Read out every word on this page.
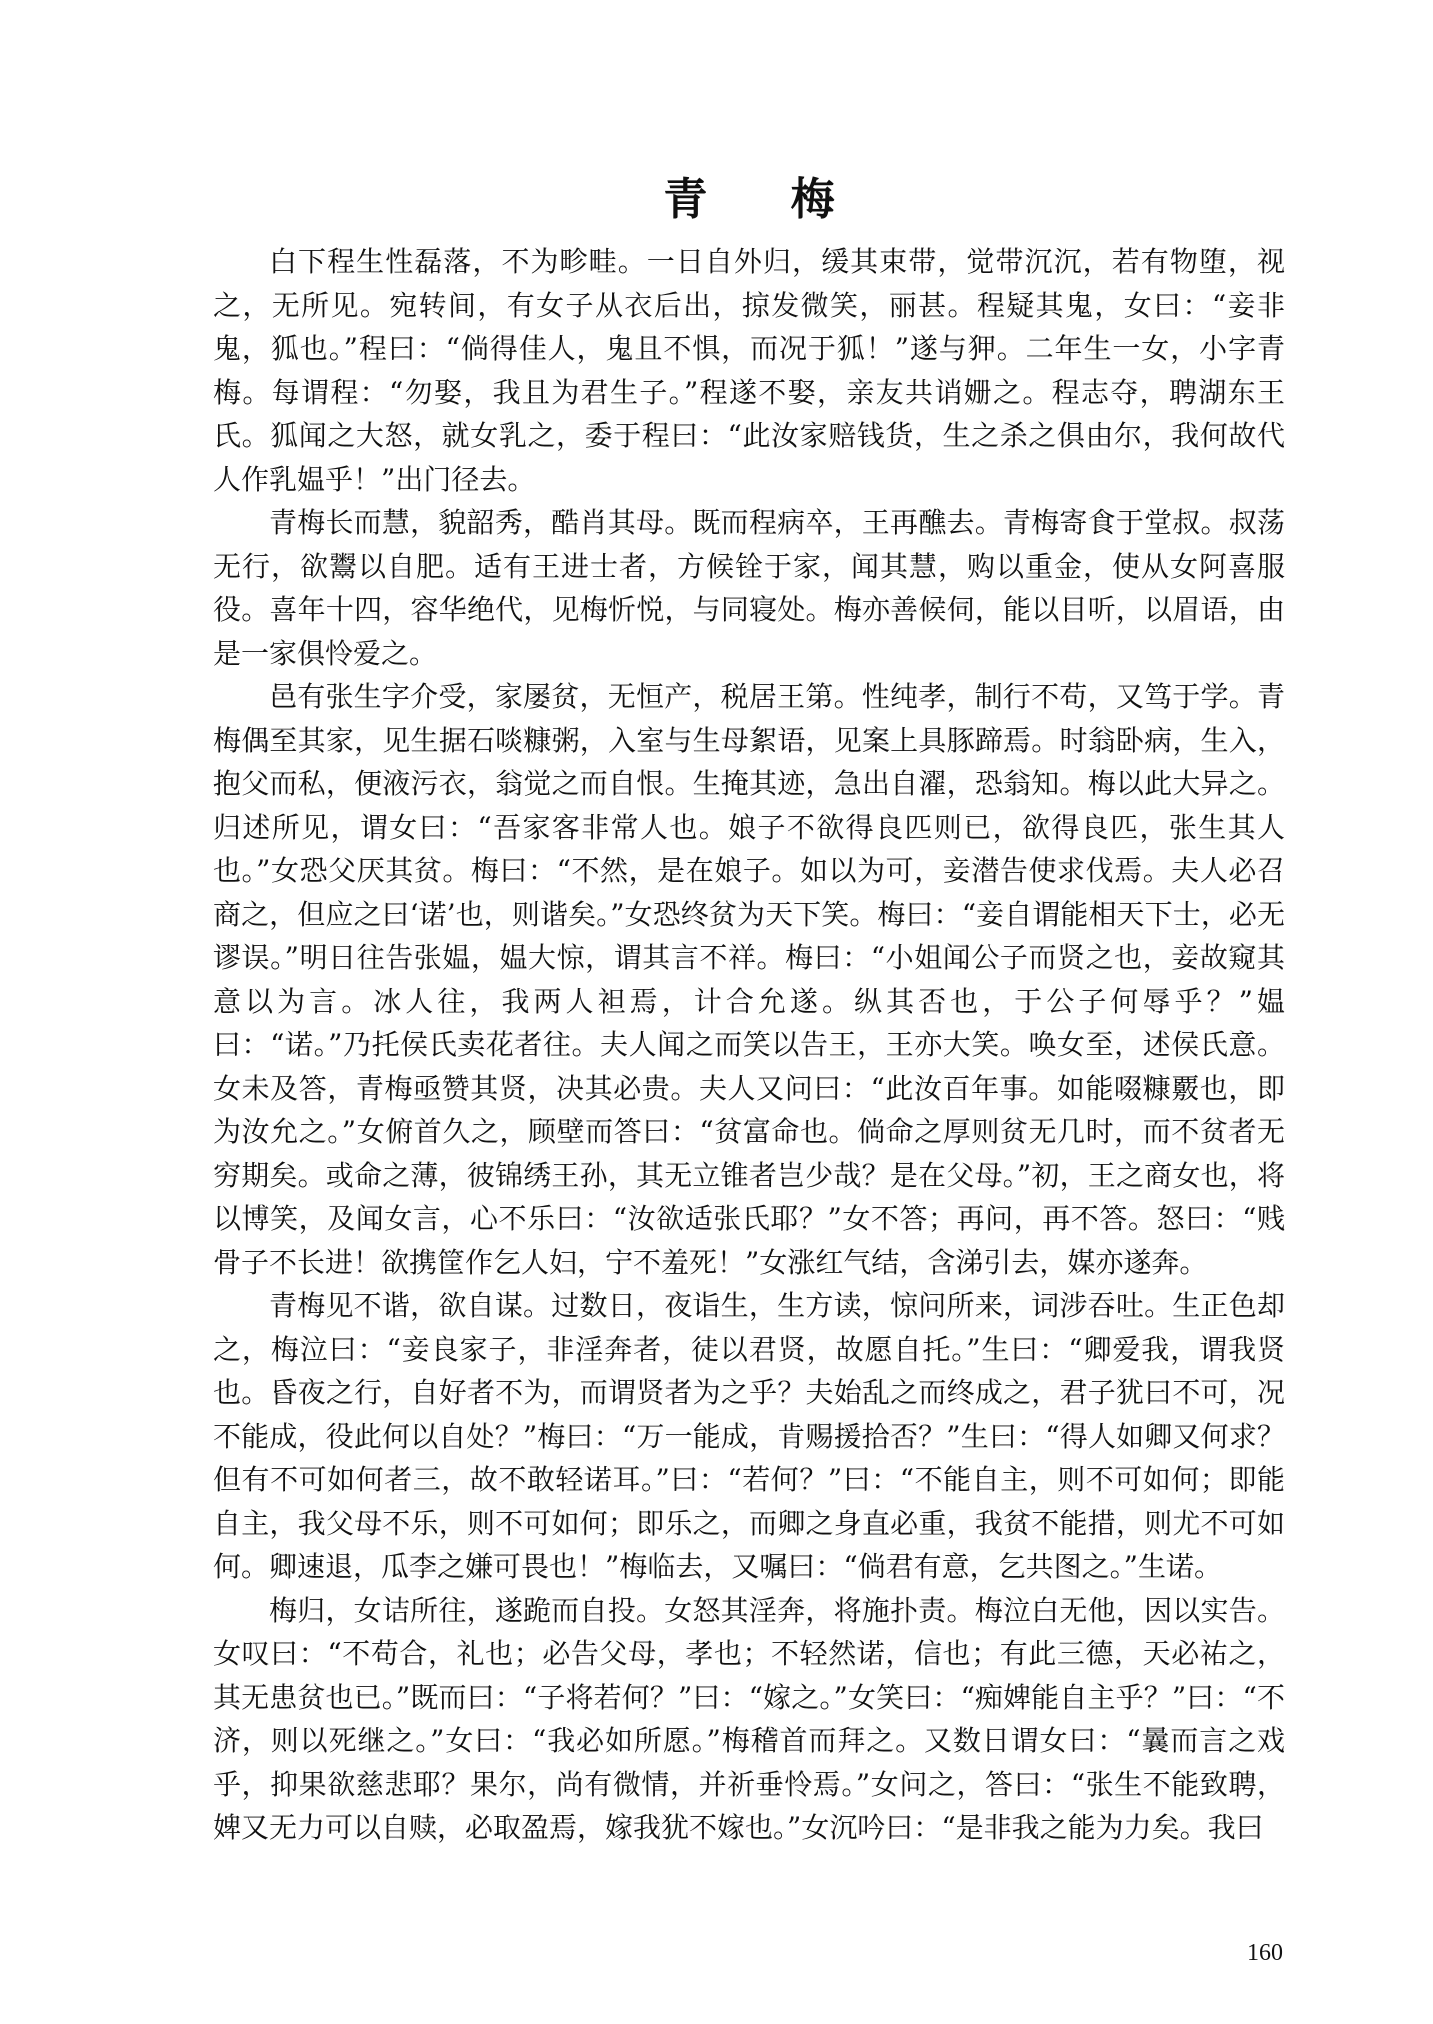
青 梅

白下程生性磊落，不为畛畦。一日自外归，缓其束带，觉带沉沉，若有物堕，视之，无所见。宛转间，有女子从衣后出，掠发微笑，丽甚。程疑其鬼，女曰：“妾非鬼，狐也。”程曰：“倘得佳人，鬼且不惧，而况于狐！”遂与狎。二年生一女，小字青梅。每谓程：“勿娶，我且为君生子。”程遂不娶，亲友共诮姗之。程志夺，聘湖东王氏。狐闻之大怒，就女乳之，委于程曰：“此汝家赔钱货，生之杀之俱由尔，我何故代人作乳媪乎！”出门径去。

青梅长而慧，貌韶秀，酷肖其母。既而程病卒，王再醮去。青梅寄食于堂叔。叔荡无行，欲鬻以自肥。适有王进士者，方候铨于家，闻其慧，购以重金，使从女阿喜服役。喜年十四，容华绝代，见梅忻悦，与同寝处。梅亦善候伺，能以目听，以眉语，由是一家俱怜爱之。

邑有张生字介受，家屡贫，无恒产，税居王第。性纯孝，制行不苟，又笃于学。青梅偶至其家，见生据石啖糠粥，入室与生母絮语，见案上具豚蹄焉。时翁卧病，生入，抱父而私，便液污衣，翁觉之而自恨。生掩其迹，急出自濯，恐翁知。梅以此大异之。归述所见，谓女曰：“吾家客非常人也。娘子不欲得良匹则已，欲得良匹，张生其人也。”女恐父厌其贫。梅曰：“不然，是在娘子。如以为可，妾潜告使求伐焉。夫人必召商之，但应之曰‘诺’也，则谐矣。”女恐终贫为天下笑。梅曰：“妾自谓能相天下士，必无谬误。”明日往告张媪，媪大惊，谓其言不祥。梅曰：“小姐闻公子而贤之也，妾故窥其意以为言。冰人往，我两人袒焉，计合允遂。纵其否也，于公子何辱乎？”媪曰：“诺。”乃托侯氏卖花者往。夫人闻之而笑以告王，王亦大笑。唤女至，述侯氏意。女未及答，青梅亟赞其贤，决其必贵。夫人又问曰：“此汝百年事。如能啜糠覈也，即为汝允之。”女俯首久之，顾壁而答曰：“贫富命也。倘命之厚则贫无几时，而不贫者无穷期矣。或命之薄，彼锦绣王孙，其无立锥者岂少哉？是在父母。”初，王之商女也，将以博笑，及闻女言，心不乐曰：“汝欲适张氏耶？”女不答；再问，再不答。怒曰：“贱骨子不长进！欲携筐作乞人妇，宁不羞死！”女涨红气结，含涕引去，媒亦遂奔。

青梅见不谐，欲自谋。过数日，夜诣生，生方读，惊问所来，词涉吞吐。生正色却之，梅泣曰：“妾良家子，非淫奔者，徒以君贤，故愿自托。”生曰：“卿爱我，谓我贤也。昏夜之行，自好者不为，而谓贤者为之乎？夫始乱之而终成之，君子犹曰不可，况不能成，役此何以自处？”梅曰：“万一能成，肯赐援拾否？”生曰：“得人如卿又何求？但有不可如何者三，故不敢轻诺耳。”曰：“若何？”曰：“不能自主，则不可如何；即能自主，我父母不乐，则不可如何；即乐之，而卿之身直必重，我贫不能措，则尤不可如何。卿速退，瓜李之嫌可畏也！”梅临去，又嘱曰：“倘君有意，乞共图之。”生诺。

梅归，女诘所往，遂跪而自投。女怒其淫奔，将施扑责。梅泣白无他，因以实告。女叹曰：“不苟合，礼也；必告父母，孝也；不轻然诺，信也；有此三德，天必祐之，其无患贫也已。”既而曰：“子将若何？”曰：“嫁之。”女笑曰：“痴婢能自主乎？”曰：“不济，则以死继之。”女曰：“我必如所愿。”梅稽首而拜之。又数日谓女曰：“曩而言之戏乎，抑果欲慈悲耶？果尔，尚有微情，并祈垂怜焉。”女问之，答曰：“张生不能致聘，婢又无力可以自赎，必取盈焉，嫁我犹不嫁也。”女沉吟曰：“是非我之能为力矣。我曰

160
